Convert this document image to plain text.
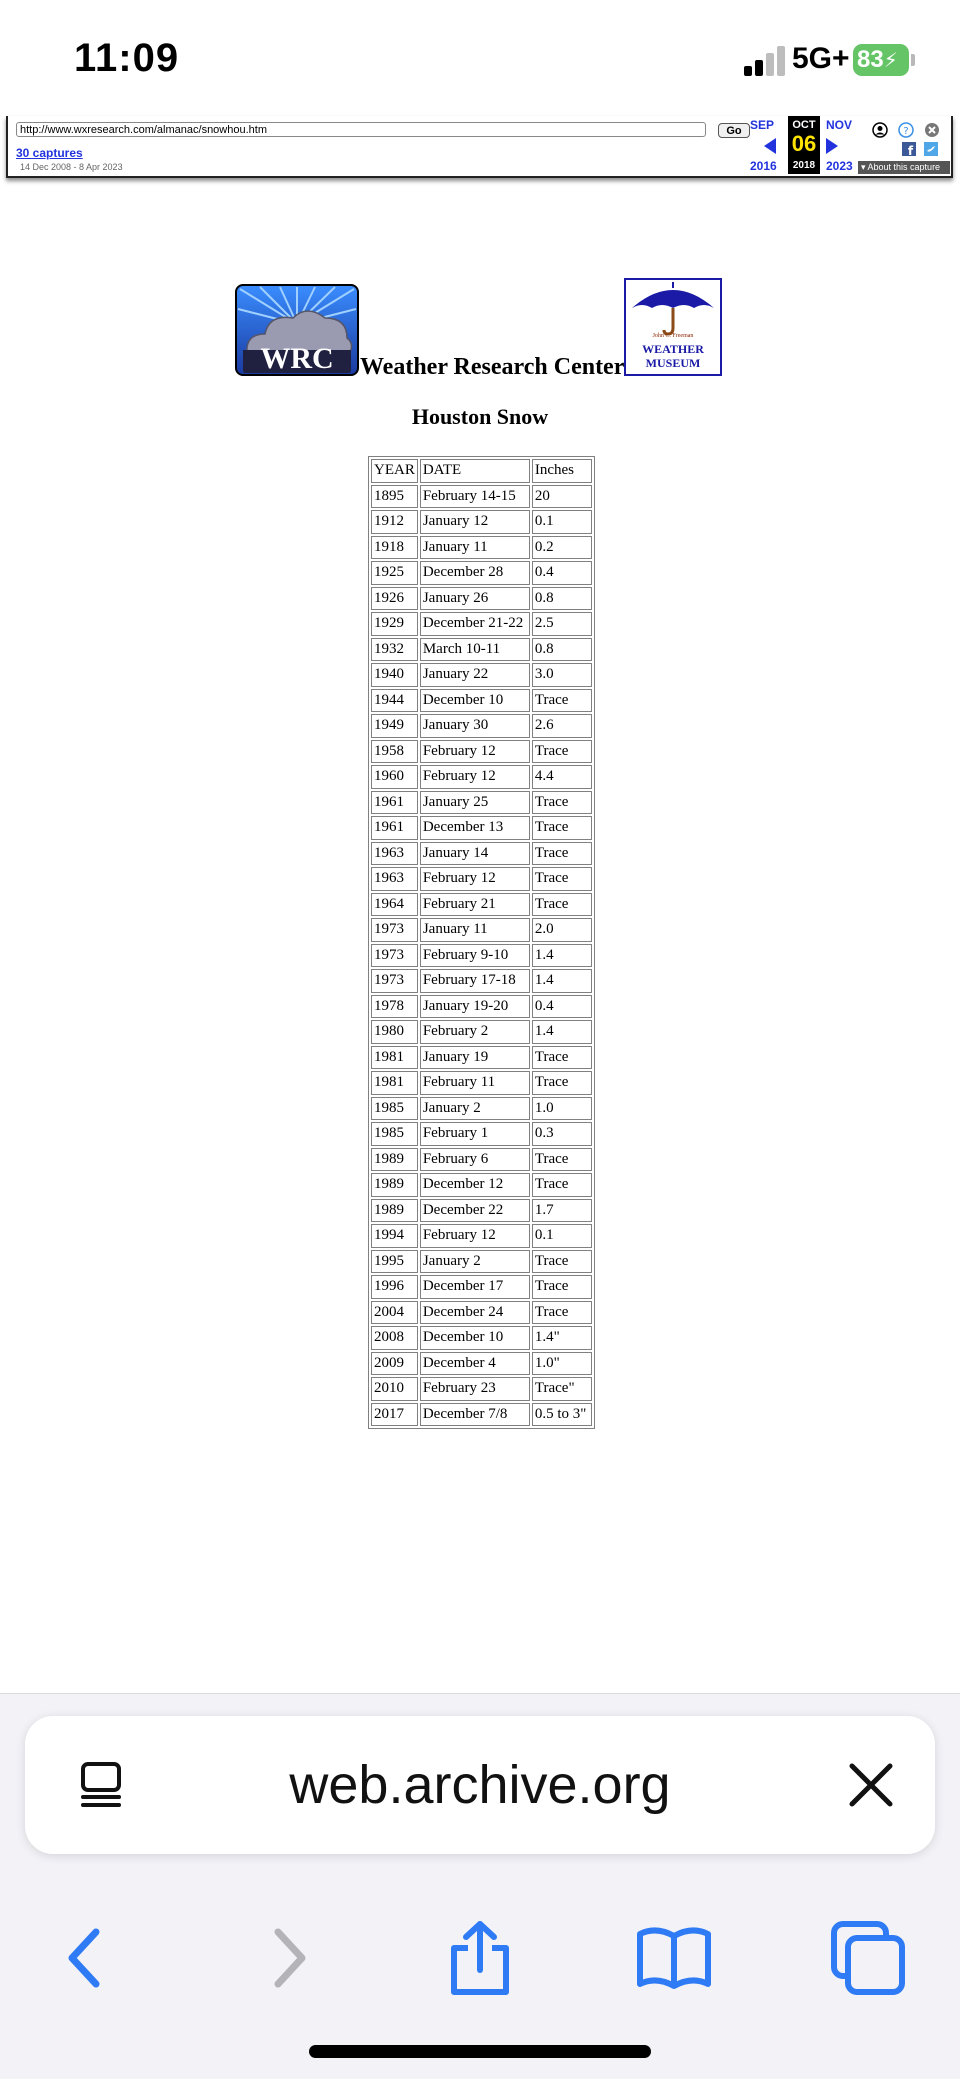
11:09	5G+ 83⚡
http://www.wxresearch.com/almanac/snowhou.htm	Go
30 captures
14 Dec 2008 - 8 Apr 2023
SEP
2016
OCT
06
2018
NOV
2023
?
f
▾ About this capture
WRC Weather Research Center
John C. Freeman
WEATHER
MUSEUM
Houston Snow
YEAR	DATE	Inches
1895	February 14-15	20
1912	January 12	0.1
1918	January 11	0.2
1925	December 28	0.4
1926	January 26	0.8
1929	December 21-22	2.5
1932	March 10-11	0.8
1940	January 22	3.0
1944	December 10	Trace
1949	January 30	2.6
1958	February 12	Trace
1960	February 12	4.4
1961	January 25	Trace
1961	December 13	Trace
1963	January 14	Trace
1963	February 12	Trace
1964	February 21	Trace
1973	January 11	2.0
1973	February 9-10	1.4
1973	February 17-18	1.4
1978	January 19-20	0.4
1980	February 2	1.4
1981	January 19	Trace
1981	February 11	Trace
1985	January 2	1.0
1985	February 1	0.3
1989	February 6	Trace
1989	December 12	Trace
1989	December 22	1.7
1994	February 12	0.1
1995	January 2	Trace
1996	December 17	Trace
2004	December 24	Trace
2008	December 10	1.4"
2009	December 4	1.0"
2010	February 23	Trace"
2017	December 7/8	0.5 to 3"
web.archive.org
